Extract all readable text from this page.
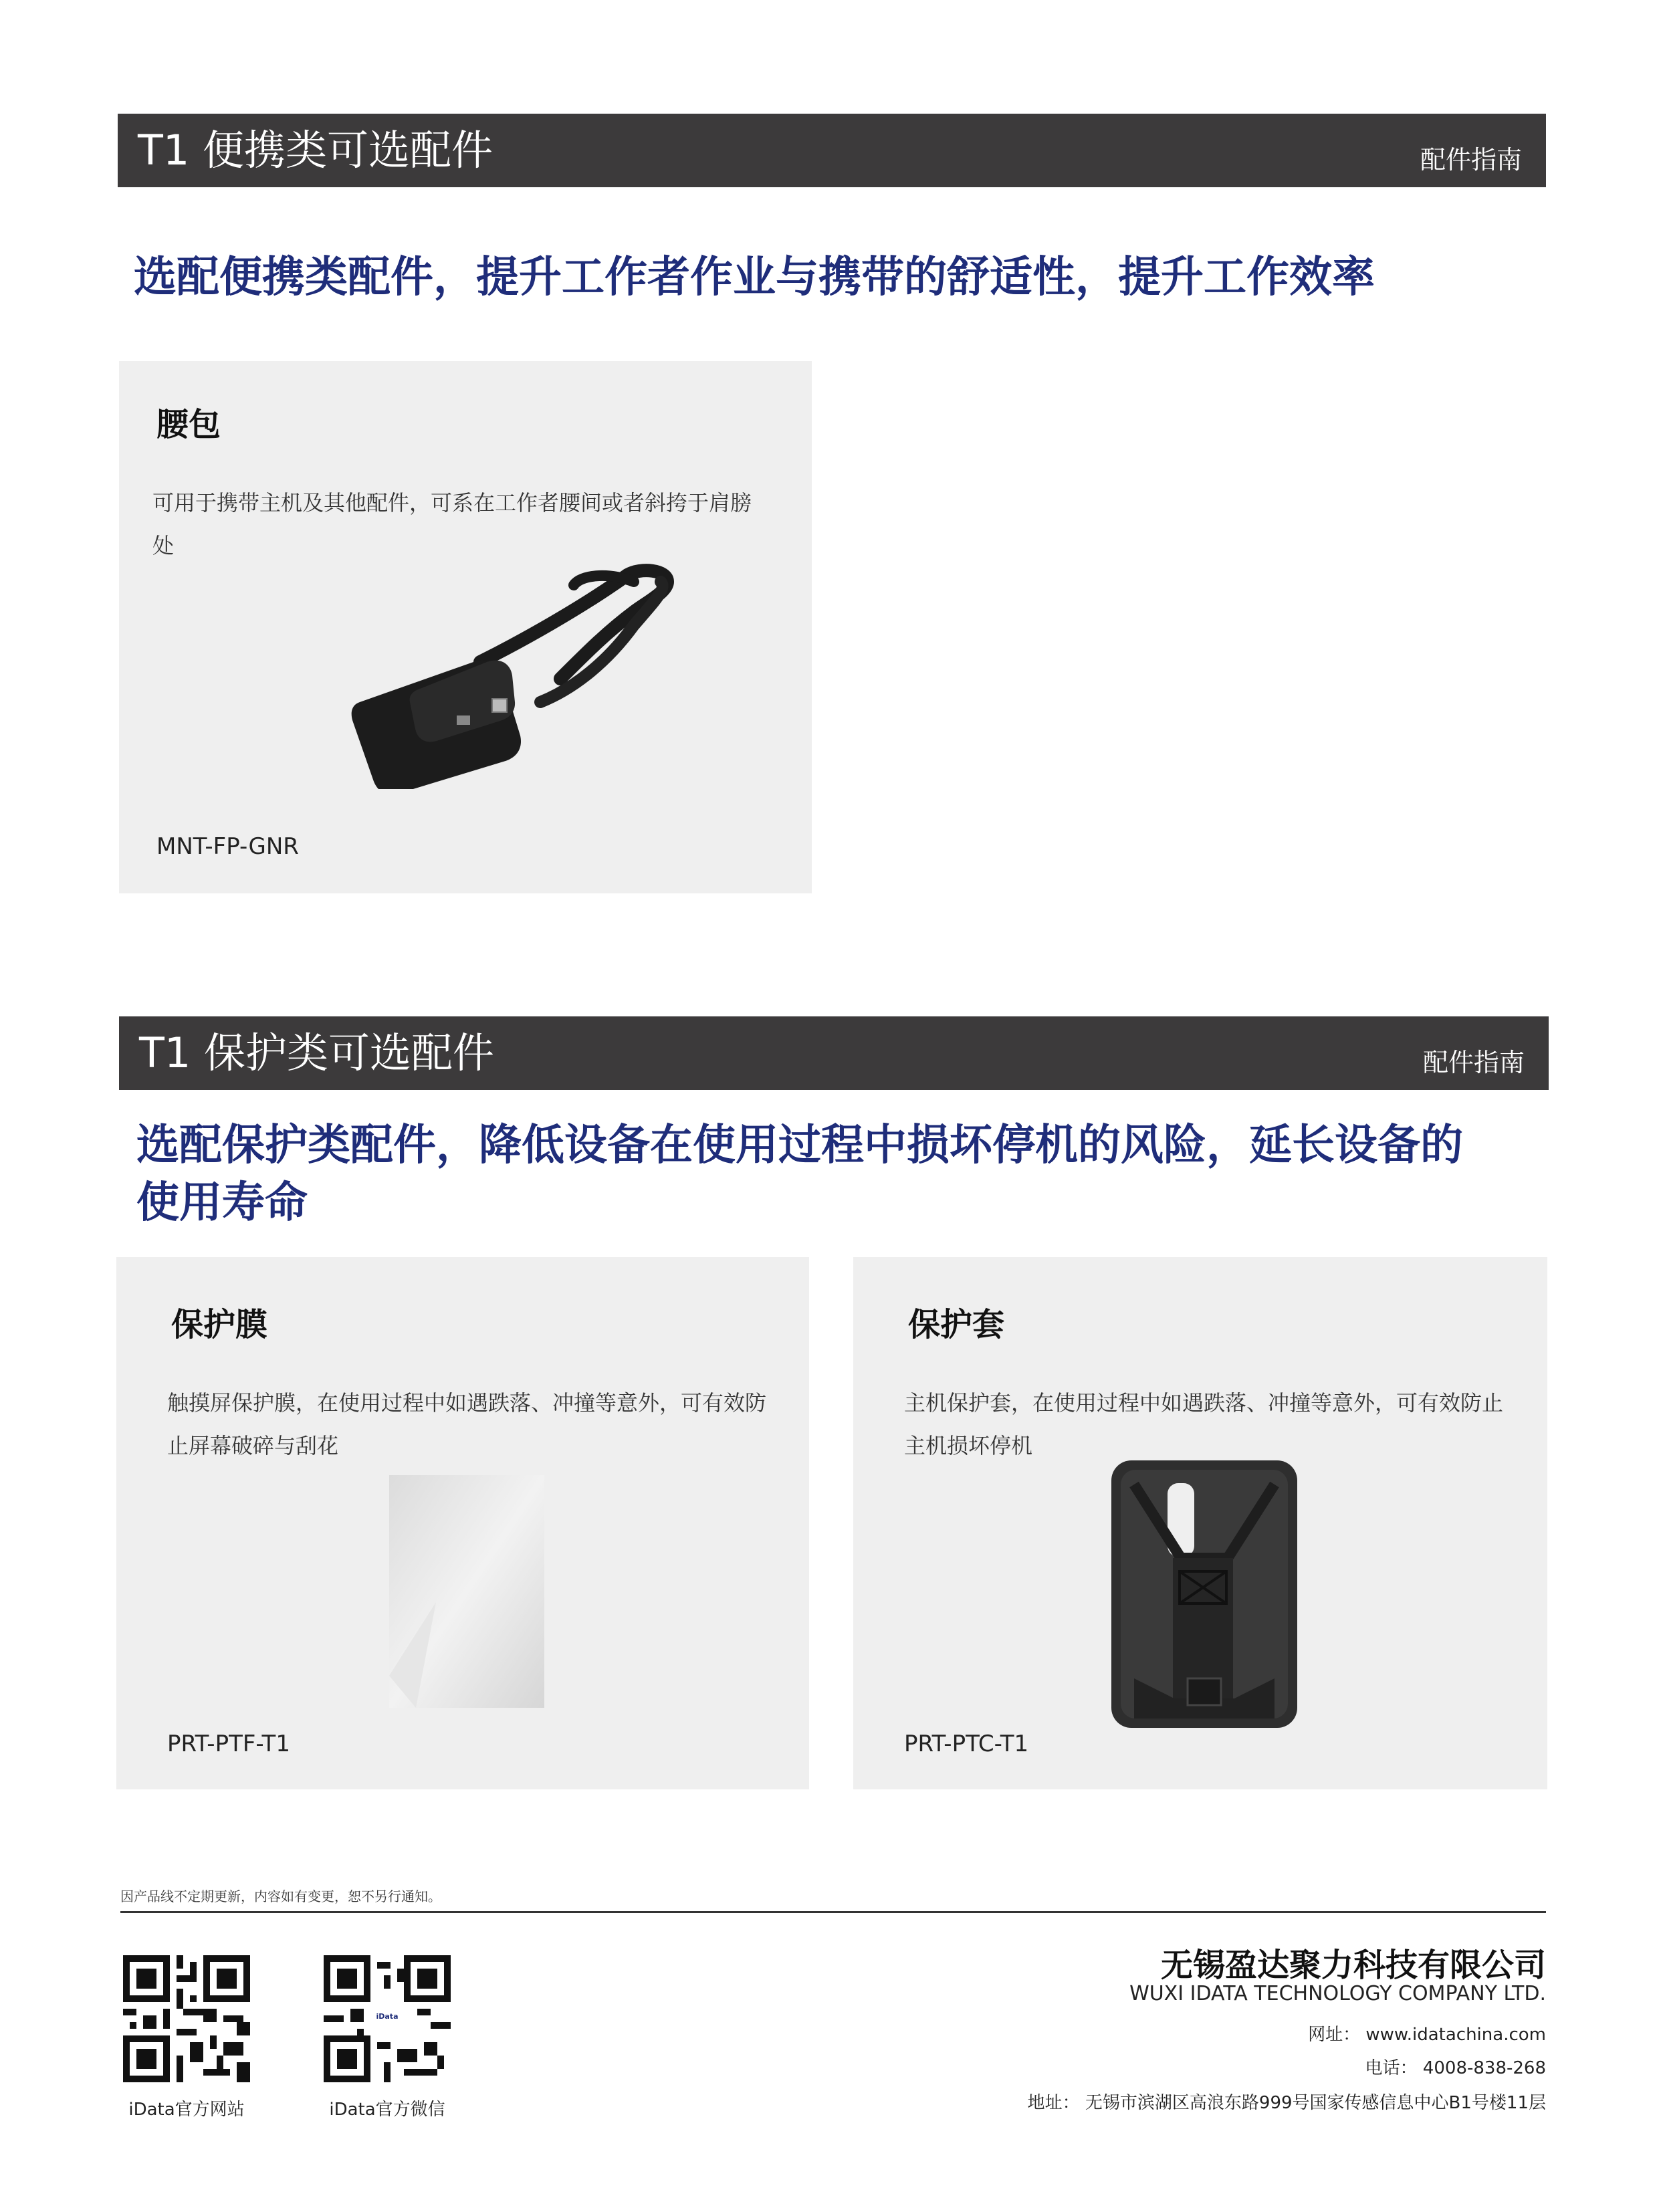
T1 便携类可选配件	配件指南
选配便携类配件，提升工作者作业与携带的舒适性，提升工作效率
腰包
可用于携带主机及其他配件，可系在工作者腰间或者斜挎于肩膀处
MNT-FP-GNR
T1 保护类可选配件	配件指南
选配保护类配件，降低设备在使用过程中损坏停机的风险，延长设备的
使用寿命
保护膜
触摸屏保护膜，在使用过程中如遇跌落、冲撞等意外，可有效防止屏幕破碎与刮花
PRT-PTF-T1
保护套
主机保护套，在使用过程中如遇跌落、冲撞等意外，可有效防止主机损坏停机
PRT-PTC-T1
因产品线不定期更新，内容如有变更，恕不另行通知。
iData官方网站
iData
iData官方微信
无锡盈达聚力科技有限公司
WUXI IDATA TECHNOLOGY COMPANY LTD.
网址： www.idatachina.com
电话： 4008-838-268
地址： 无锡市滨湖区高浪东路999号国家传感信息中心B1号楼11层
